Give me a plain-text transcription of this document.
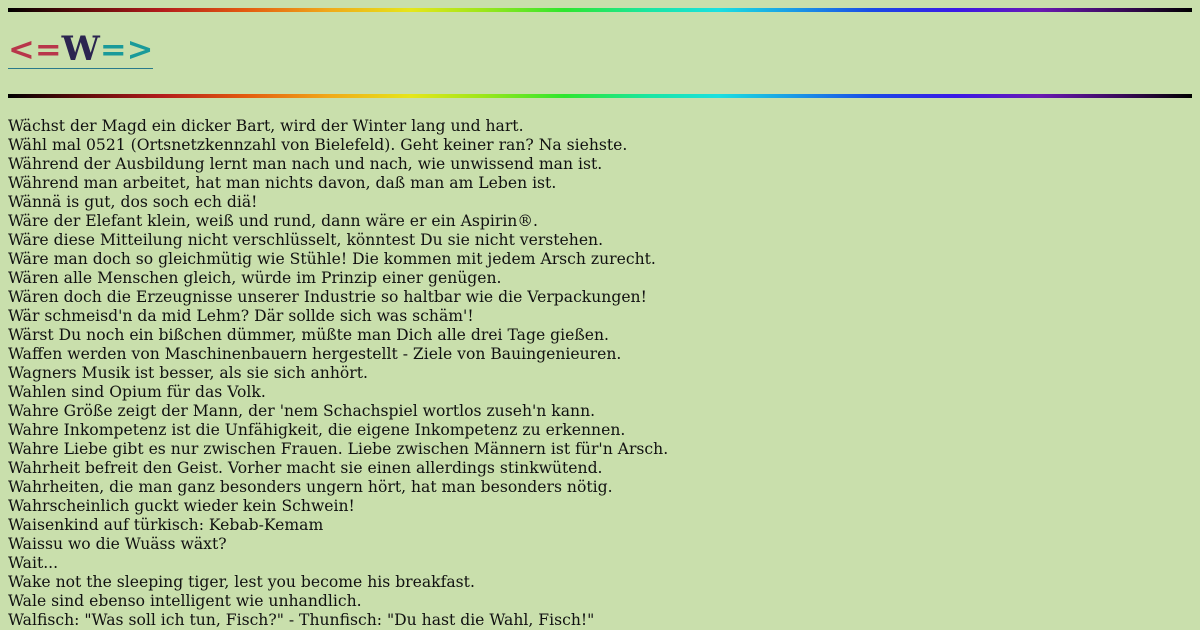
<=W=>
Wächst der Magd ein dicker Bart, wird der Winter lang und hart.
Wähl mal 0521 (Ortsnetzkennzahl von Bielefeld). Geht keiner ran? Na siehste.
Während der Ausbildung lernt man nach und nach, wie unwissend man ist.
Während man arbeitet, hat man nichts davon, daß man am Leben ist.
Wännä is gut, dos soch ech diä!
Wäre der Elefant klein, weiß und rund, dann wäre er ein Aspirin®.
Wäre diese Mitteilung nicht verschlüsselt, könntest Du sie nicht verstehen.
Wäre man doch so gleichmütig wie Stühle! Die kommen mit jedem Arsch zurecht.
Wären alle Menschen gleich, würde im Prinzip einer genügen.
Wären doch die Erzeugnisse unserer Industrie so haltbar wie die Verpackungen!
Wär schmeisd'n da mid Lehm? Där sollde sich was schäm'!
Wärst Du noch ein bißchen dümmer, müßte man Dich alle drei Tage gießen.
Waffen werden von Maschinenbauern hergestellt - Ziele von Bauingenieuren.
Wagners Musik ist besser, als sie sich anhört.
Wahlen sind Opium für das Volk.
Wahre Größe zeigt der Mann, der 'nem Schachspiel wortlos zuseh'n kann.
Wahre Inkompetenz ist die Unfähigkeit, die eigene Inkompetenz zu erkennen.
Wahre Liebe gibt es nur zwischen Frauen. Liebe zwischen Männern ist für'n Arsch.
Wahrheit befreit den Geist. Vorher macht sie einen allerdings stinkwütend.
Wahrheiten, die man ganz besonders ungern hört, hat man besonders nötig.
Wahrscheinlich guckt wieder kein Schwein!
Waisenkind auf türkisch: Kebab-Kemam
Waissu wo die Wuäss wäxt?
Wait...
Wake not the sleeping tiger, lest you become his breakfast.
Wale sind ebenso intelligent wie unhandlich.
Walfisch: "Was soll ich tun, Fisch?" - Thunfisch: "Du hast die Wahl, Fisch!"
